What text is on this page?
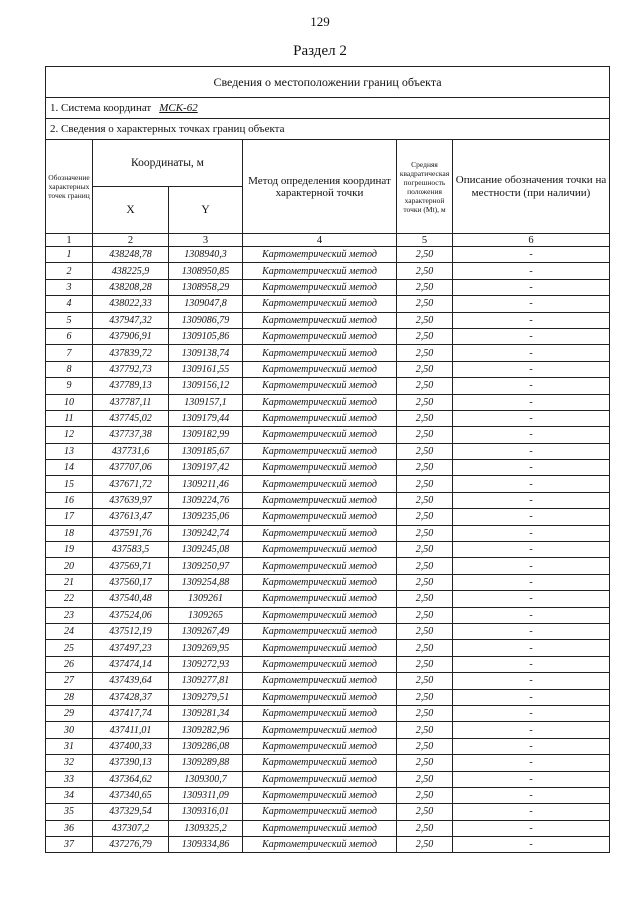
129
Раздел 2
Сведения о местоположении границ объекта					
1. Система координат МСК-62					
2. Сведения о характерных точках границ объекта					
Обозначение характерных точек границ	Координаты, м		Метод определения координат характерной точки	Средняя квадратическая погрешность положения характерной точки (Mt), м	Описание обозначения точки на местности (при наличии)
	X	Y			
1	2	3	4	5	6
1	438248,78	1308940,3	Картометрический метод	2,50	-
2	438225,9	1308950,85	Картометрический метод	2,50	-
3	438208,28	1308958,29	Картометрический метод	2,50	-
4	438022,33	1309047,8	Картометрический метод	2,50	-
5	437947,32	1309086,79	Картометрический метод	2,50	-
6	437906,91	1309105,86	Картометрический метод	2,50	-
7	437839,72	1309138,74	Картометрический метод	2,50	-
8	437792,73	1309161,55	Картометрический метод	2,50	-
9	437789,13	1309156,12	Картометрический метод	2,50	-
10	437787,11	1309157,1	Картометрический метод	2,50	-
11	437745,02	1309179,44	Картометрический метод	2,50	-
12	437737,38	1309182,99	Картометрический метод	2,50	-
13	437731,6	1309185,67	Картометрический метод	2,50	-
14	437707,06	1309197,42	Картометрический метод	2,50	-
15	437671,72	1309211,46	Картометрический метод	2,50	-
16	437639,97	1309224,76	Картометрический метод	2,50	-
17	437613,47	1309235,06	Картометрический метод	2,50	-
18	437591,76	1309242,74	Картометрический метод	2,50	-
19	437583,5	1309245,08	Картометрический метод	2,50	-
20	437569,71	1309250,97	Картометрический метод	2,50	-
21	437560,17	1309254,88	Картометрический метод	2,50	-
22	437540,48	1309261	Картометрический метод	2,50	-
23	437524,06	1309265	Картометрический метод	2,50	-
24	437512,19	1309267,49	Картометрический метод	2,50	-
25	437497,23	1309269,95	Картометрический метод	2,50	-
26	437474,14	1309272,93	Картометрический метод	2,50	-
27	437439,64	1309277,81	Картометрический метод	2,50	-
28	437428,37	1309279,51	Картометрический метод	2,50	-
29	437417,74	1309281,34	Картометрический метод	2,50	-
30	437411,01	1309282,96	Картометрический метод	2,50	-
31	437400,33	1309286,08	Картометрический метод	2,50	-
32	437390,13	1309289,88	Картометрический метод	2,50	-
33	437364,62	1309300,7	Картометрический метод	2,50	-
34	437340,65	1309311,09	Картометрический метод	2,50	-
35	437329,54	1309316,01	Картометрический метод	2,50	-
36	437307,2	1309325,2	Картометрический метод	2,50	-
37	437276,79	1309334,86	Картометрический метод	2,50	-
